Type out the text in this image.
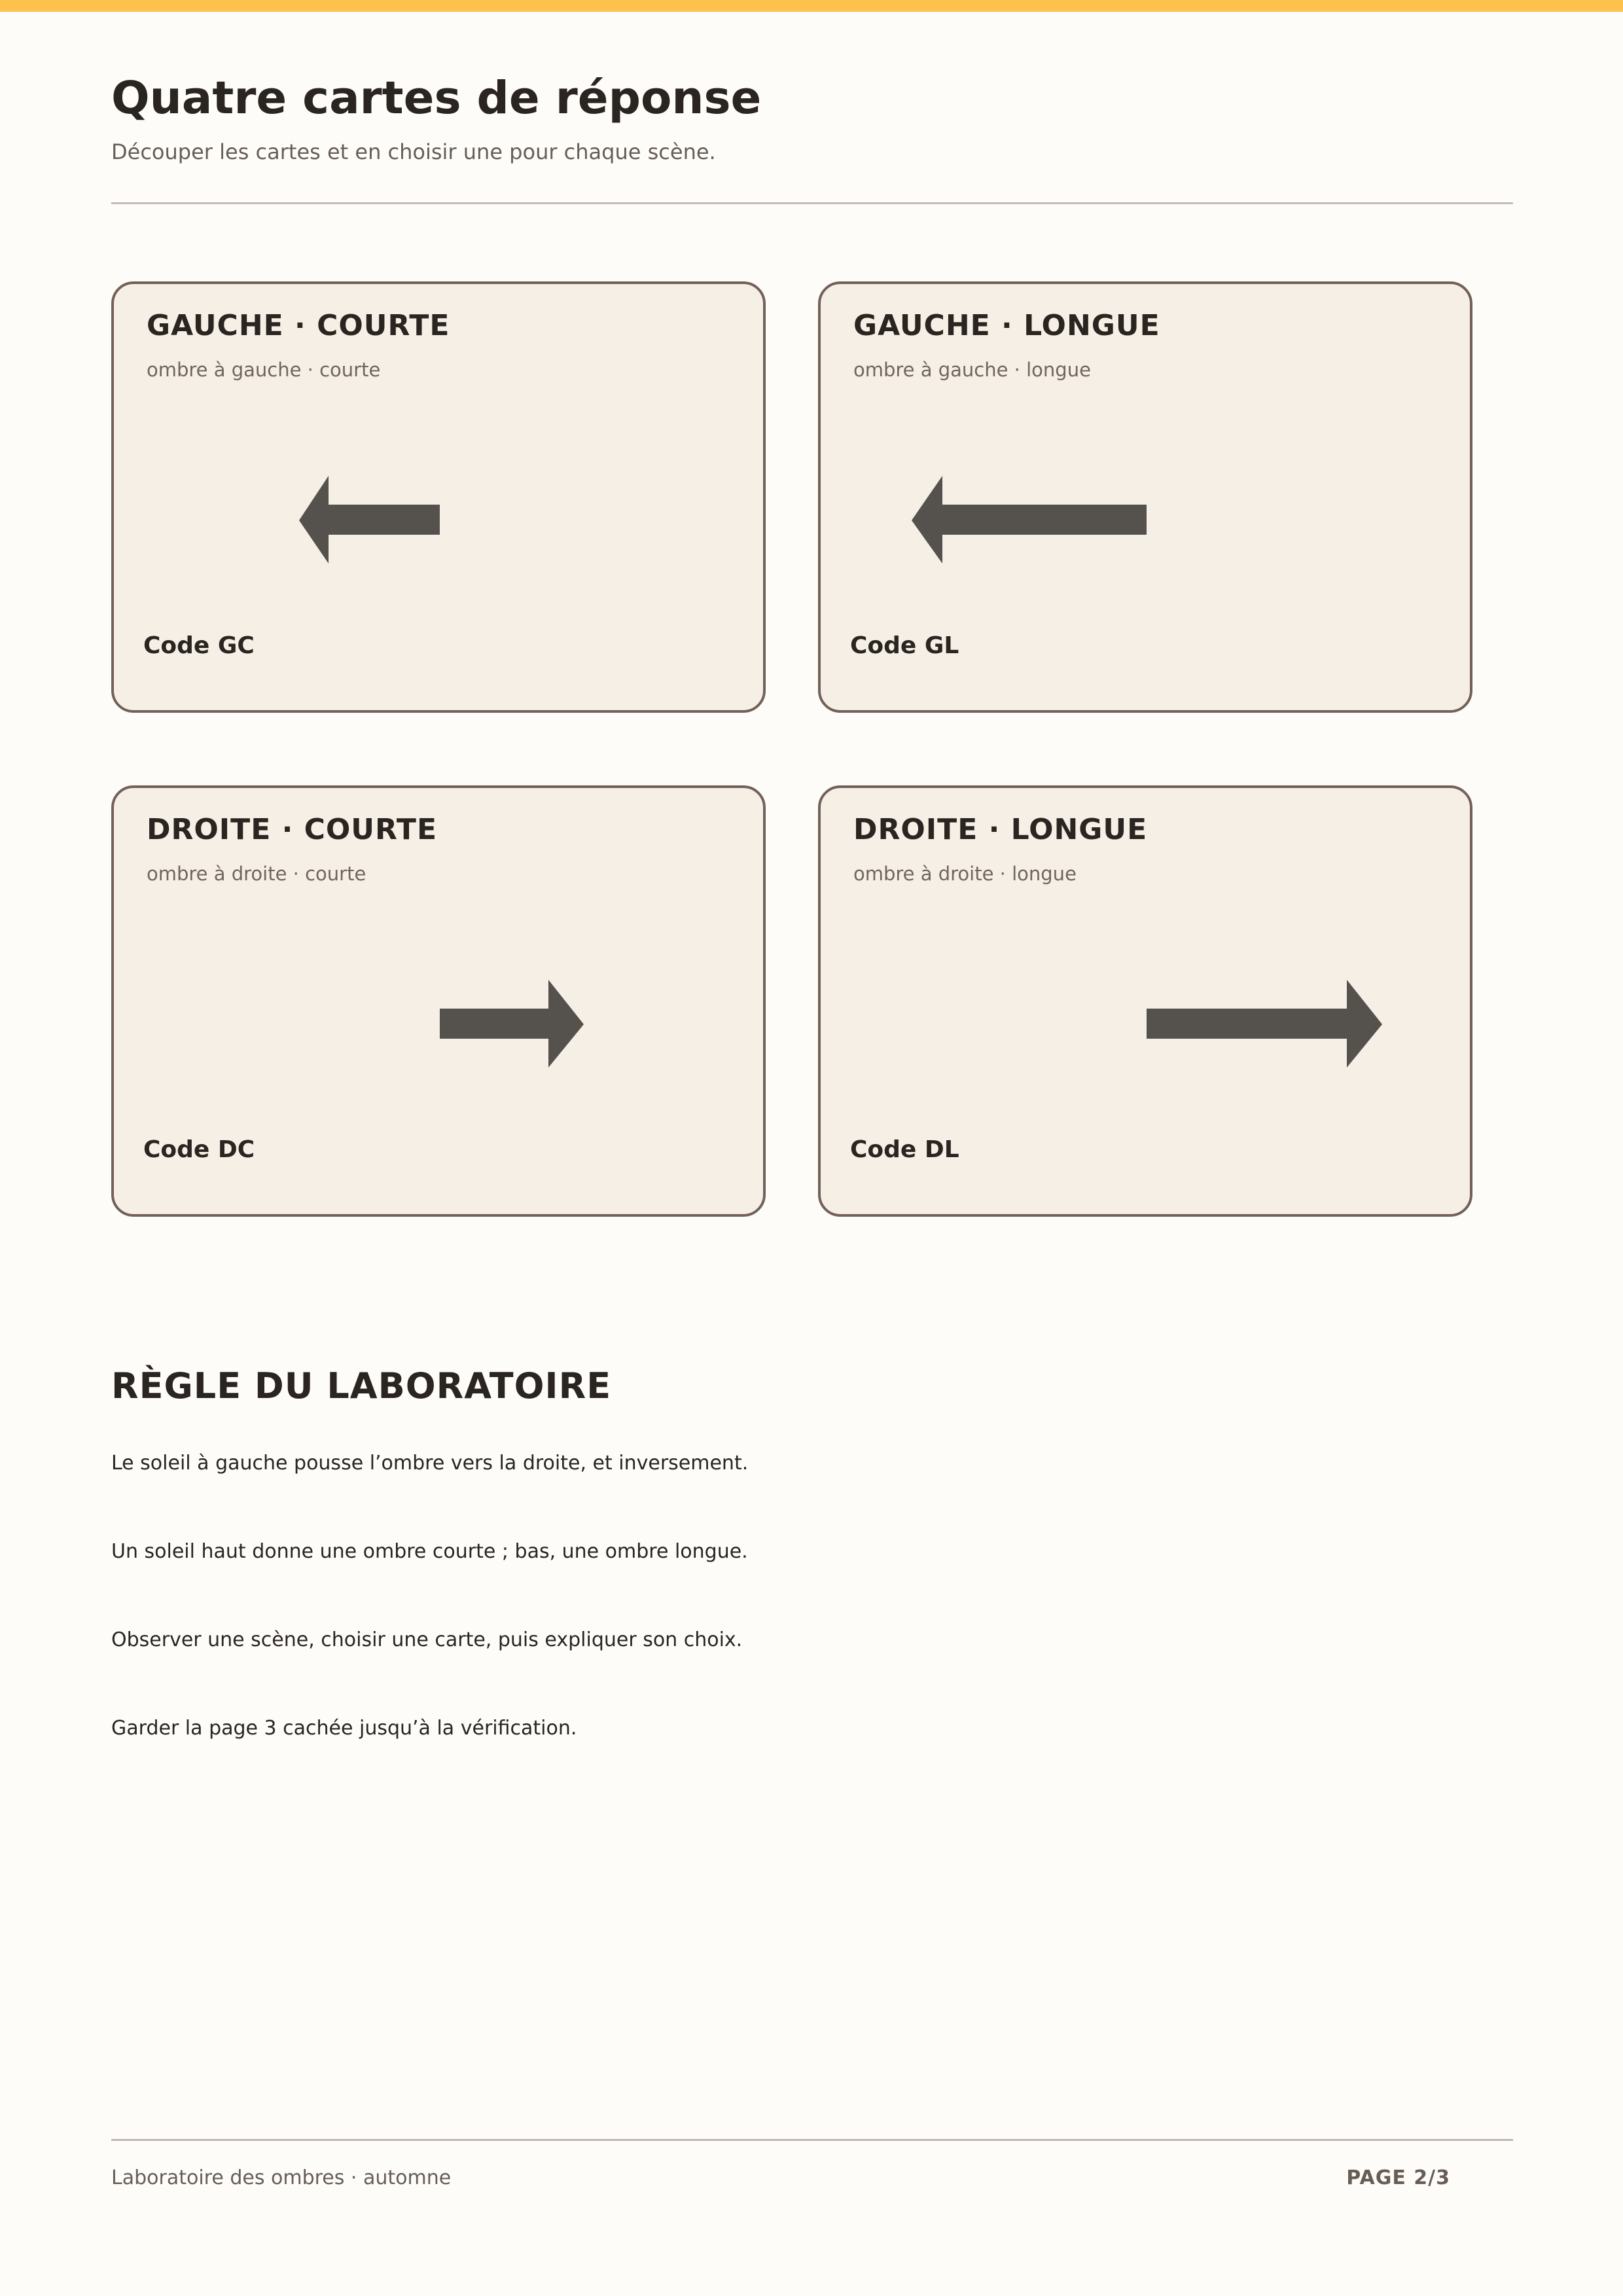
Quatre cartes de réponse
Découper les cartes et en choisir une pour chaque scène.
GAUCHE · COURTE
ombre à gauche · courte
Code GC
GAUCHE · LONGUE
ombre à gauche · longue
Code GL
DROITE · COURTE
ombre à droite · courte
Code DC
DROITE · LONGUE
ombre à droite · longue
Code DL
RÈGLE DU LABORATOIRE
Le soleil à gauche pousse l’ombre vers la droite, et inversement.
Un soleil haut donne une ombre courte ; bas, une ombre longue.
Observer une scène, choisir une carte, puis expliquer son choix.
Garder la page 3 cachée jusqu’à la vérification.
Laboratoire des ombres · automne	PAGE 2/3
